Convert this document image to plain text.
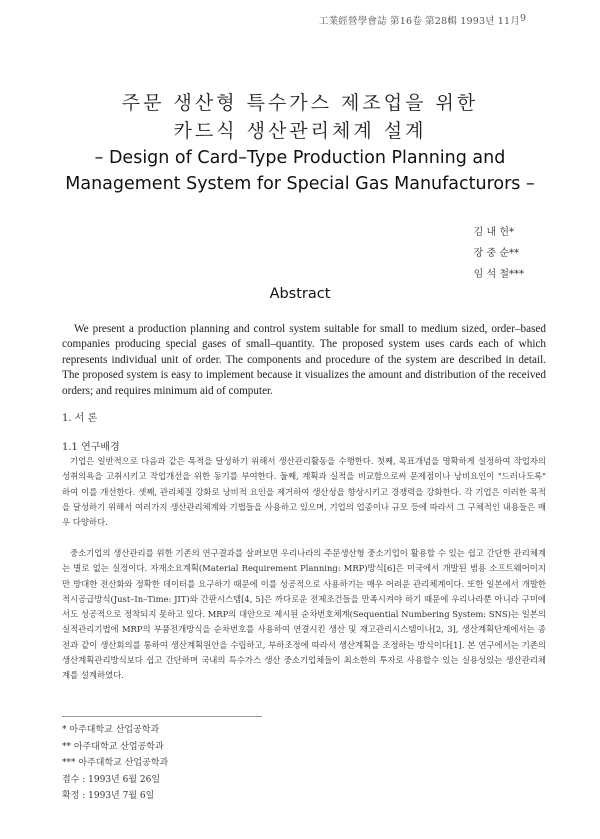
工業經營學會誌 第16卷 第28輯 1993년 11月 9
주문 생산형 특수가스 제조업을 위한
카드식 생산관리체계 설계
– Design of Card–Type Production Planning and
Management System for Special Gas Manufacturors –
김 내 헌*
장 중 순**
임 석 철***
Abstract
We present a production planning and control system suitable for small to medium sized, order–based companies producing special gases of small–quantity. The proposed system uses cards each of which represents individual unit of order. The components and procedure of the system are described in detail. The proposed system is easy to implement because it visualizes the amount and distribution of the received orders; and requires minimum aid of computer.
1. 서 론
1.1 연구배경
기업은 일반적으로 다음과 같은 목적을 달성하기 위해서 생산관리활동을 수행한다. 첫째, 목표개념을 명확하게 설정하여 작업자의 성취의욕을 고취시키고 작업개선을 위한 동기를 부여한다. 둘째, 계획과 실적을 비교함으로써 문제점이나 낭비요인이 "드러나도록" 하여 이를 개선한다. 셋째, 관리체질 강화로 낭비적 요인을 제거하여 생산성을 향상시키고 경쟁력을 강화한다. 각 기업은 이러한 목적을 달성하기 위해서 여러가지 생산관리체계와 기법들을 사용하고 있으며, 기업의 업종이나 규모 등에 따라서 그 구체적인 내용들은 매우 다양하다.
중소기업의 생산관리를 위한 기존의 연구결과를 살펴보면 우리나라의 주문생산형 중소기업이 활용할 수 있는 쉽고 간단한 관리체계는 별로 없는 실정이다. 자재소요계획(Material Requirement Planning: MRP)방식[6]은 미국에서 개발된 범용 소프트웨어이지만 방대한 전산화와 정확한 데이터를 요구하기 때문에 이를 성공적으로 사용하기는 매우 어려운 관리체계이다. 또한 일본에서 개발한 적시공급방식(Just–In–Time: JIT)와 간판시스템[4, 5]은 까다로운 전제조건들을 만족시켜야 하기 때문에 우리나라뿐 아니라 구미에서도 성공적으로 정착되지 못하고 있다. MRP의 대안으로 제시된 순차번호체계(Sequential Numbering System: SNS)는 일본의 실적관리기법에 MRP의 부품전개방식을 순차번호를 사용하여 연결시킨 생산 및 재고관리시스템이나[2, 3], 생산계획단계에서는 종전과 같이 생산회의를 통하여 생산계획원안을 수립하고, 부하조정에 따라서 생산계획을 조정하는 방식이다[1]. 본 연구에서는 기존의 생산계획관리방식보다 쉽고 간단하며 국내의 특수가스 생산 중소기업체들이 최소한의 투자로 사용할수 있는 실용성있는 생산관리체계를 설계하였다.
* 아주대학교 산업공학과
** 아주대학교 산업공학과
*** 아주대학교 산업공학과
접수 : 1993년 6월 26일
확정 : 1993년 7월 6일
